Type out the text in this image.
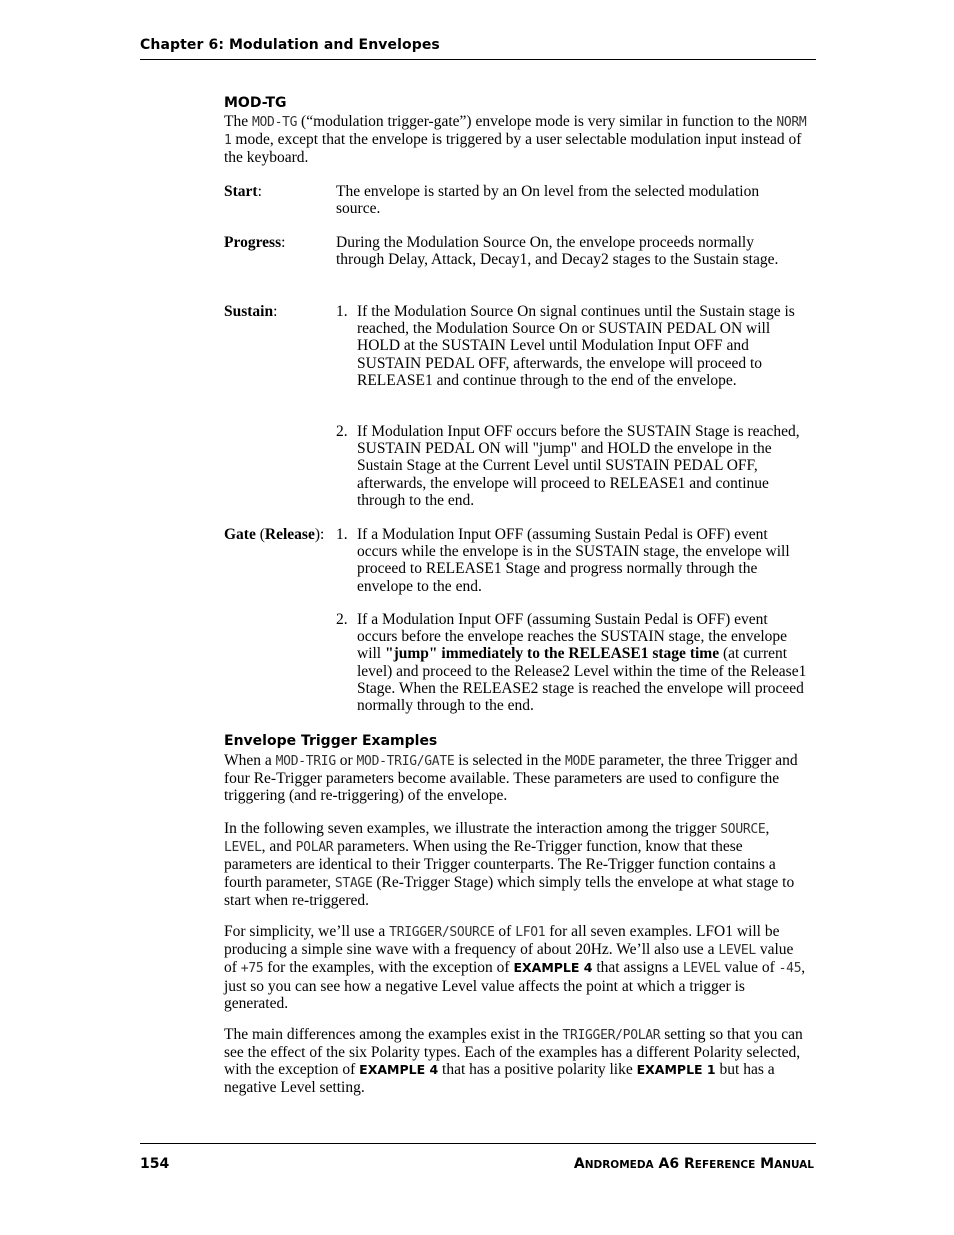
Chapter 6: Modulation and Envelopes
MOD-TG
The MOD-TG (“modulation trigger-gate”) envelope mode is very similar in function to the NORM 1 mode, except that the envelope is triggered by a user selectable modulation input instead of the keyboard.
Start:	The envelope is started by an On level from the selected modulation source.
Progress:	During the Modulation Source On, the envelope proceeds normally through Delay, Attack, Decay1, and Decay2 stages to the Sustain stage.
Sustain:	1. If the Modulation Source On signal continues until the Sustain stage is reached, the Modulation Source On or SUSTAIN PEDAL ON will HOLD at the SUSTAIN Level until Modulation Input OFF and SUSTAIN PEDAL OFF, afterwards, the envelope will proceed to RELEASE1 and continue through to the end of the envelope.
2. If Modulation Input OFF occurs before the SUSTAIN Stage is reached, SUSTAIN PEDAL ON will "jump" and HOLD the envelope in the Sustain Stage at the Current Level until SUSTAIN PEDAL OFF, afterwards, the envelope will proceed to RELEASE1 and continue through to the end.
Gate (Release): 1. If a Modulation Input OFF (assuming Sustain Pedal is OFF) event occurs while the envelope is in the SUSTAIN stage, the envelope will proceed to RELEASE1 Stage and progress normally through the envelope to the end.
2. If a Modulation Input OFF (assuming Sustain Pedal is OFF) event occurs before the envelope reaches the SUSTAIN stage, the envelope will "jump" immediately to the RELEASE1 stage time (at current level) and proceed to the Release2 Level within the time of the Release1 Stage. When the RELEASE2 stage is reached the envelope will proceed normally through to the end.
Envelope Trigger Examples
When a MOD-TRIG or MOD-TRIG/GATE is selected in the MODE parameter, the three Trigger and four Re-Trigger parameters become available. These parameters are used to configure the triggering (and re-triggering) of the envelope.
In the following seven examples, we illustrate the interaction among the trigger SOURCE, LEVEL, and POLAR parameters. When using the Re-Trigger function, know that these parameters are identical to their Trigger counterparts. The Re-Trigger function contains a fourth parameter, STAGE (Re-Trigger Stage) which simply tells the envelope at what stage to start when re-triggered.
For simplicity, we’ll use a TRIGGER/SOURCE of LFO1 for all seven examples. LFO1 will be producing a simple sine wave with a frequency of about 20Hz. We’ll also use a LEVEL value of +75 for the examples, with the exception of EXAMPLE 4 that assigns a LEVEL value of -45, just so you can see how a negative Level value affects the point at which a trigger is generated.
The main differences among the examples exist in the TRIGGER/POLAR setting so that you can see the effect of the six Polarity types. Each of the examples has a different Polarity selected, with the exception of EXAMPLE 4 that has a positive polarity like EXAMPLE 1 but has a negative Level setting.
154	ANDROMEDA A6 REFERENCE MANUAL
